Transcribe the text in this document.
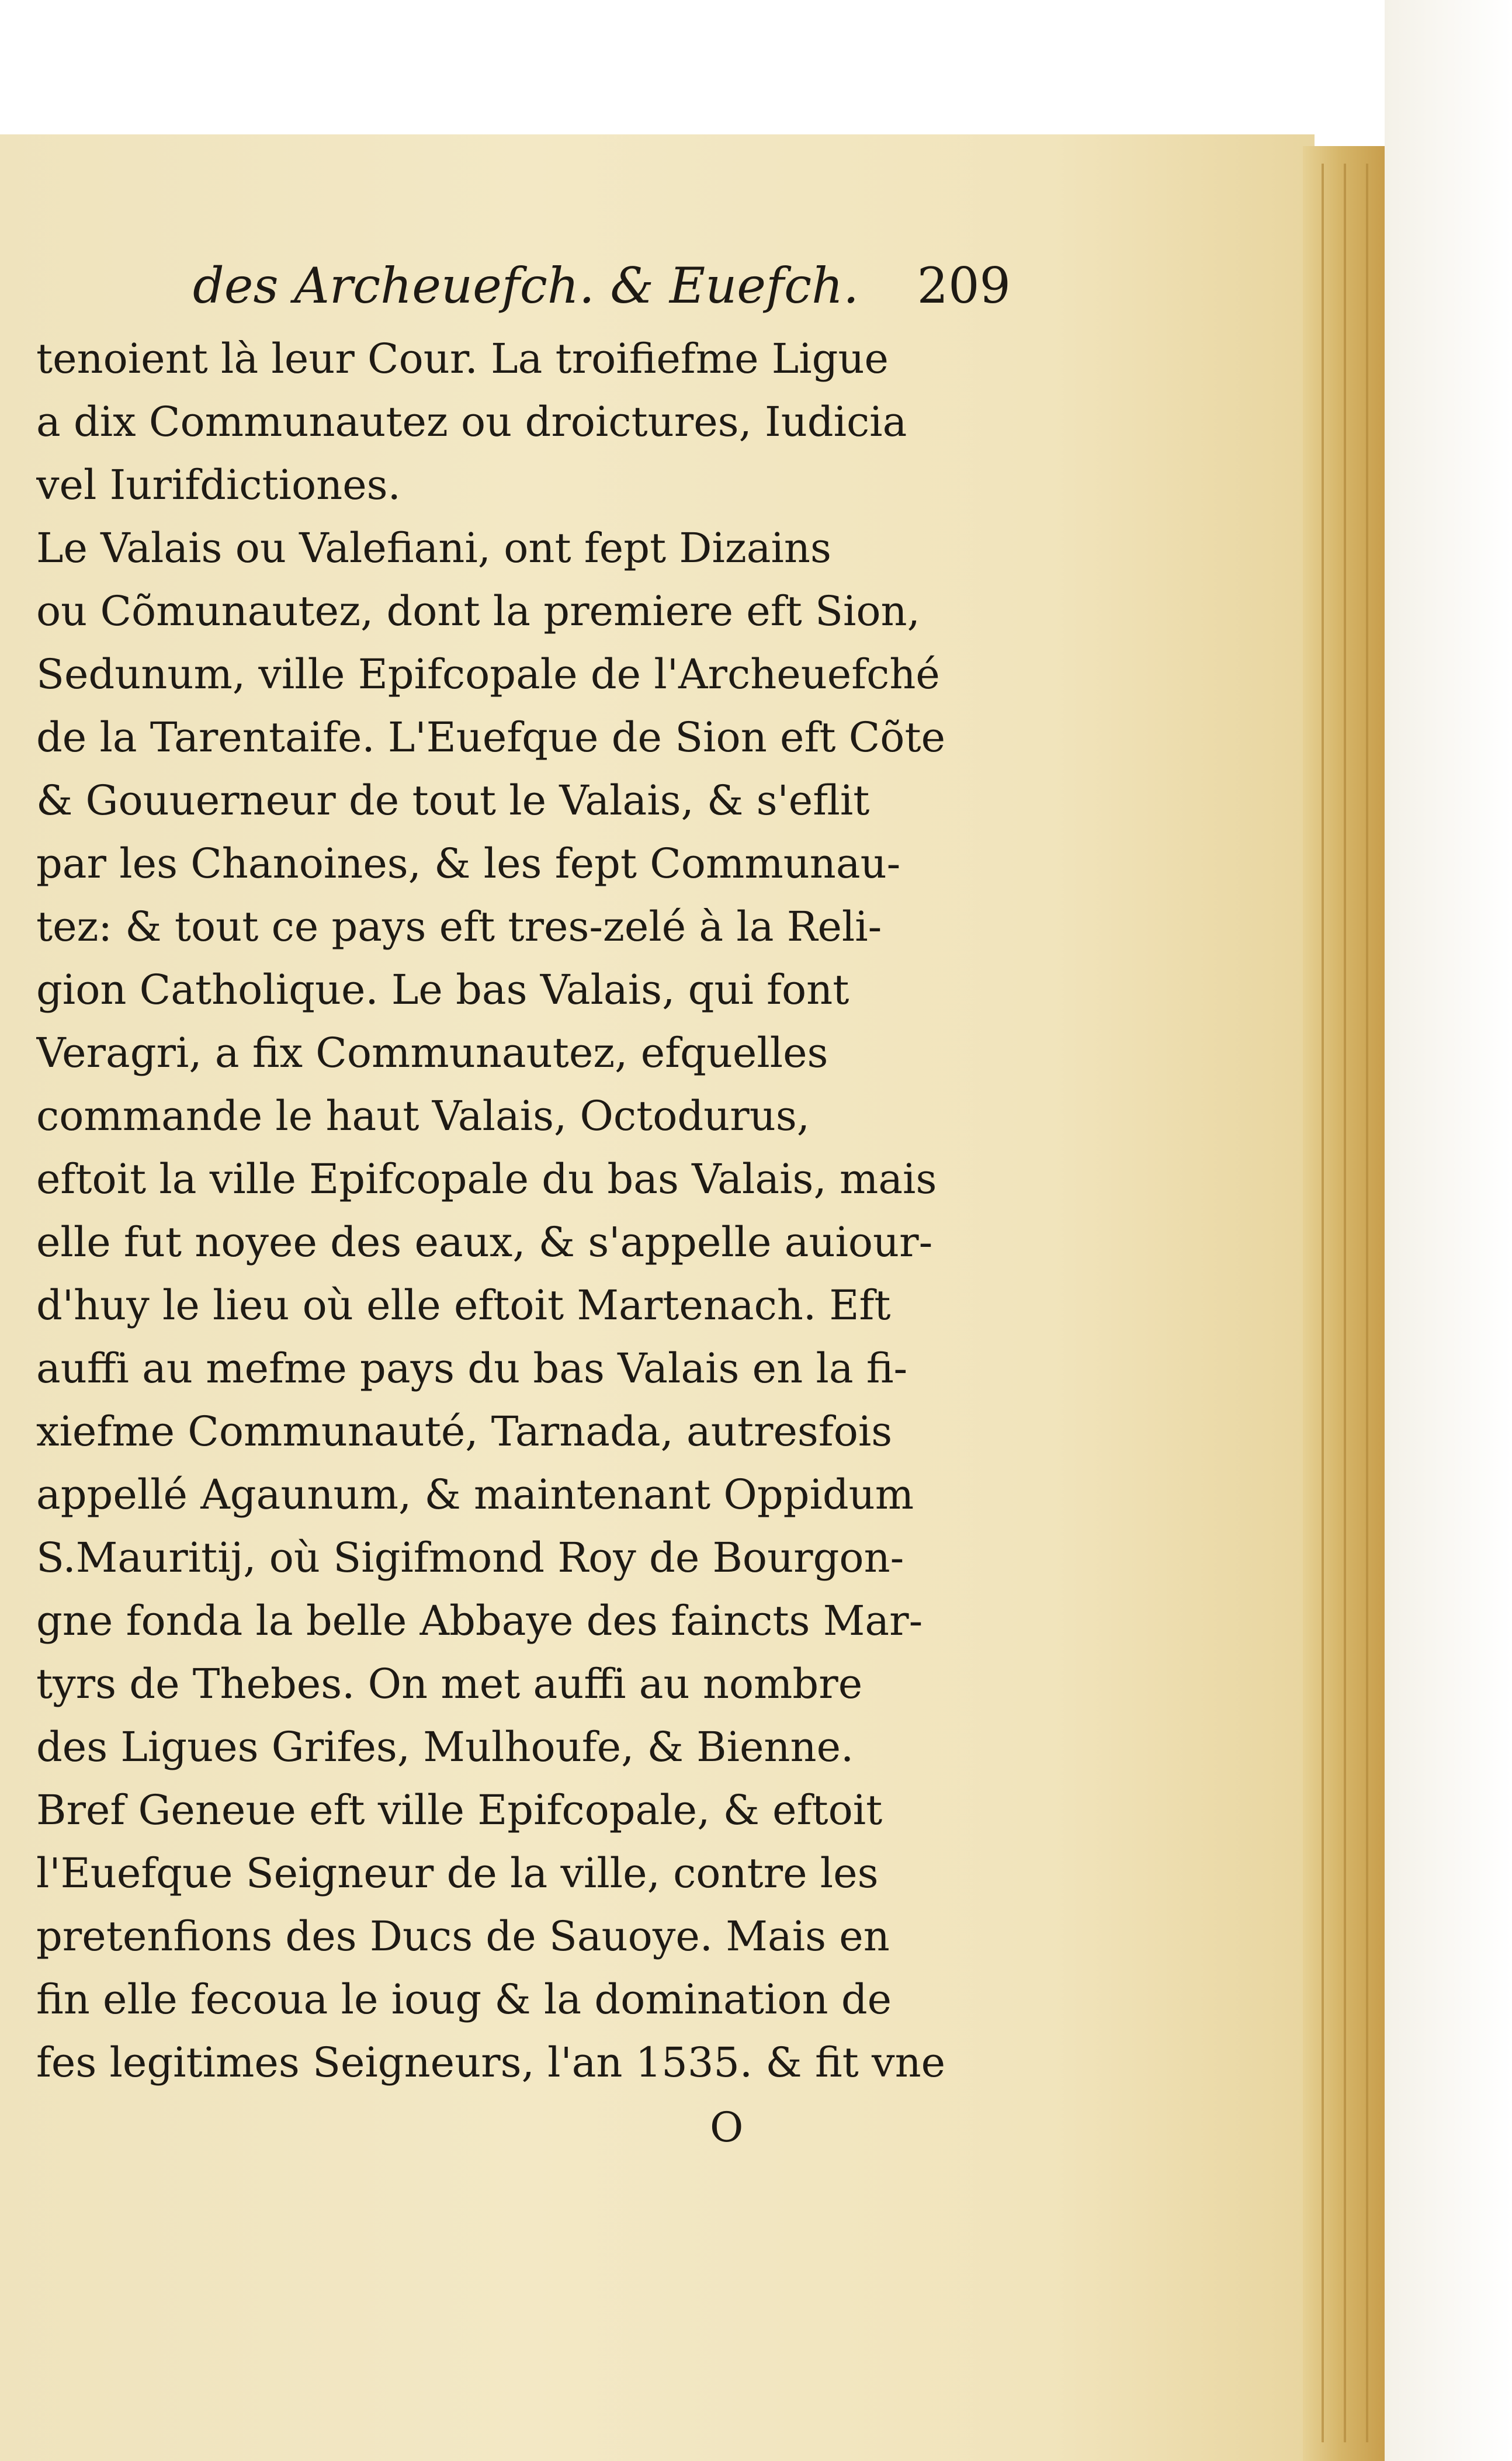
des Archeuefch. & Euefch. 209
tenoient là leur Cour. La troifiefme Ligue
a dix Communautez ou droictures, Iudicia
vel Iurifdictiones.
Le Valais ou Valefiani, ont fept Dizains
ou Cõmunautez, dont la premiere eft Sion,
Sedunum, ville Epifcopale de l'Archeuefché
de la Tarentaife. L'Euefque de Sion eft Cõte
& Gouuerneur de tout le Valais, & s'eflit
par les Chanoines, & les fept Communau-
tez: & tout ce pays eft tres-zelé à la Reli-
gion Catholique. Le bas Valais, qui font
Veragri, a fix Communautez, efquelles
commande le haut Valais, Octodurus,
eftoit la ville Epifcopale du bas Valais, mais
elle fut noyee des eaux, & s'appelle auiour-
d'huy le lieu où elle eftoit Martenach. Eft
auffi au mefme pays du bas Valais en la fi-
xiefme Communauté, Tarnada, autresfois
appellé Agaunum, & maintenant Oppidum
S.Mauritij, où Sigifmond Roy de Bourgon-
gne fonda la belle Abbaye des faincts Mar-
tyrs de Thebes. On met auffi au nombre
des Ligues Grifes, Mulhoufe, & Bienne.
Bref Geneue eft ville Epifcopale, & eftoit
l'Euefque Seigneur de la ville, contre les
pretenfions des Ducs de Sauoye. Mais en
fin elle fecoua le ioug & la domination de
fes legitimes Seigneurs, l'an 1535. & fit vne
O
